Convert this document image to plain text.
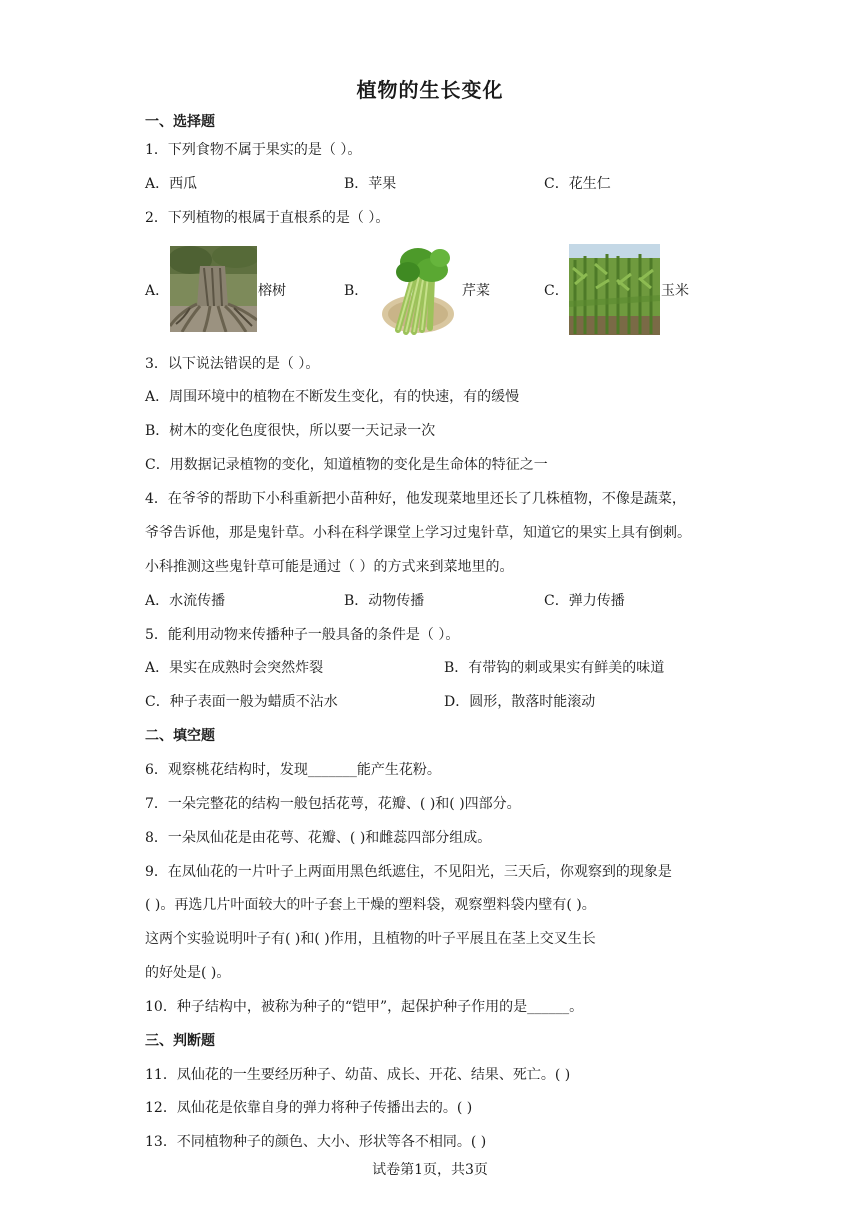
植物的生长变化
一、选择题
1．下列食物不属于果实的是（ ）。
A．西瓜	B．苹果	C．花生仁
2．下列植物的根属于直根系的是（ ）。
A．	榕树	B．	芹菜	C．	玉米
3．以下说法错误的是（ ）。
A．周围环境中的植物在不断发生变化，有的快速，有的缓慢
B．树木的变化色度很快，所以要一天记录一次
C．用数据记录植物的变化，知道植物的变化是生命体的特征之一
4．在爷爷的帮助下小科重新把小苗种好，他发现菜地里还长了几株植物，不像是蔬菜，
爷爷告诉他，那是鬼针草。小科在科学课堂上学习过鬼针草，知道它的果实上具有倒刺。
小科推测这些鬼针草可能是通过（ ）的方式来到菜地里的。
A．水流传播	B．动物传播	C．弹力传播
5．能利用动物来传播种子一般具备的条件是（ ）。
A．果实在成熟时会突然炸裂	B．有带钩的刺或果实有鲜美的味道
C．种子表面一般为蜡质不沾水	D．圆形，散落时能滚动
二、填空题
6．观察桃花结构时，发现_______能产生花粉。
7．一朵完整花的结构一般包括花萼，花瓣、( )和( )四部分。
8．一朵凤仙花是由花萼、花瓣、( )和雌蕊四部分组成。
9．在凤仙花的一片叶子上两面用黑色纸遮住，不见阳光，三天后，你观察到的现象是
( )。再选几片叶面较大的叶子套上干燥的塑料袋，观察塑料袋内壁有( )。
这两个实验说明叶子有( )和( )作用，且植物的叶子平展且在茎上交叉生长
的好处是( )。
10．种子结构中，被称为种子的“铠甲”，起保护种子作用的是______。
三、判断题
11．凤仙花的一生要经历种子、幼苗、成长、开花、结果、死亡。( )
12．凤仙花是依靠自身的弹力将种子传播出去的。( )
13．不同植物种子的颜色、大小、形状等各不相同。( )
试卷第1页，共3页
